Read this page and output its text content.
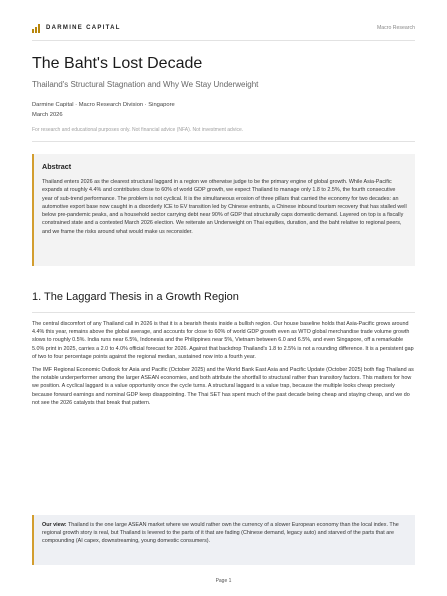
DARMINE CAPITAL	Macro Research
The Baht's Lost Decade
Thailand's Structural Stagnation and Why We Stay Underweight
Darmine Capital · Macro Research Division · Singapore
March 2026
For research and educational purposes only. Not financial advice (NFA). Not investment advice.
Abstract

Thailand enters 2026 as the clearest structural laggard in a region we otherwise judge to be the primary engine of global growth. While Asia-Pacific expands at roughly 4.4% and contributes close to 60% of world GDP growth, we expect Thailand to manage only 1.8 to 2.5%, the fourth consecutive year of sub-trend performance. The problem is not cyclical. It is the simultaneous erosion of three pillars that carried the economy for two decades: an automotive export base now caught in a disorderly ICE to EV transition led by Chinese entrants, a Chinese inbound tourism recovery that has stalled well below pre-pandemic peaks, and a household sector carrying debt near 90% of GDP that structurally caps domestic demand. Layered on top is a fiscally constrained state and a contested March 2026 election. We reiterate an Underweight on Thai equities, duration, and the baht relative to regional peers, and we frame the risks around what would make us reconsider.

1. The Laggard Thesis in a Growth Region

The central discomfort of any Thailand call in 2026 is that it is a bearish thesis inside a bullish region. Our house baseline holds that Asia-Pacific grows around 4.4% this year, remains above the global average, and accounts for close to 60% of world GDP growth even as WTO global merchandise trade volume growth slows to roughly 0.5%. India runs near 6.5%, Indonesia and the Philippines near 5%, Vietnam between 6.0 and 6.5%, and even Singapore, off a remarkable 5.0% print in 2025, carries a 2.0 to 4.0% official forecast for 2026. Against that backdrop Thailand's 1.8 to 2.5% is not a rounding difference. It is a persistent gap of two to four percentage points against the regional median, sustained now into a fourth year.

The IMF Regional Economic Outlook for Asia and Pacific (October 2025) and the World Bank East Asia and Pacific Update (October 2025) both flag Thailand as the notable underperformer among the larger ASEAN economies, and both attribute the shortfall to structural rather than transitory factors. This matters for how we position. A cyclical laggard is a value opportunity once the cycle turns. A structural laggard is a value trap, because the multiple looks cheap precisely because forward earnings and nominal GDP keep disappointing. The Thai SET has spent much of the past decade being cheap and staying cheap, and we do not see the 2026 catalysts that break that pattern.

Our view: Thailand is the one large ASEAN market where we would rather own the currency of a slower European economy than the local index. The regional growth story is real, but Thailand is levered to the parts of it that are fading (Chinese demand, legacy auto) and starved of the parts that are compounding (AI capex, downstreaming, young domestic consumers).

Page 1
